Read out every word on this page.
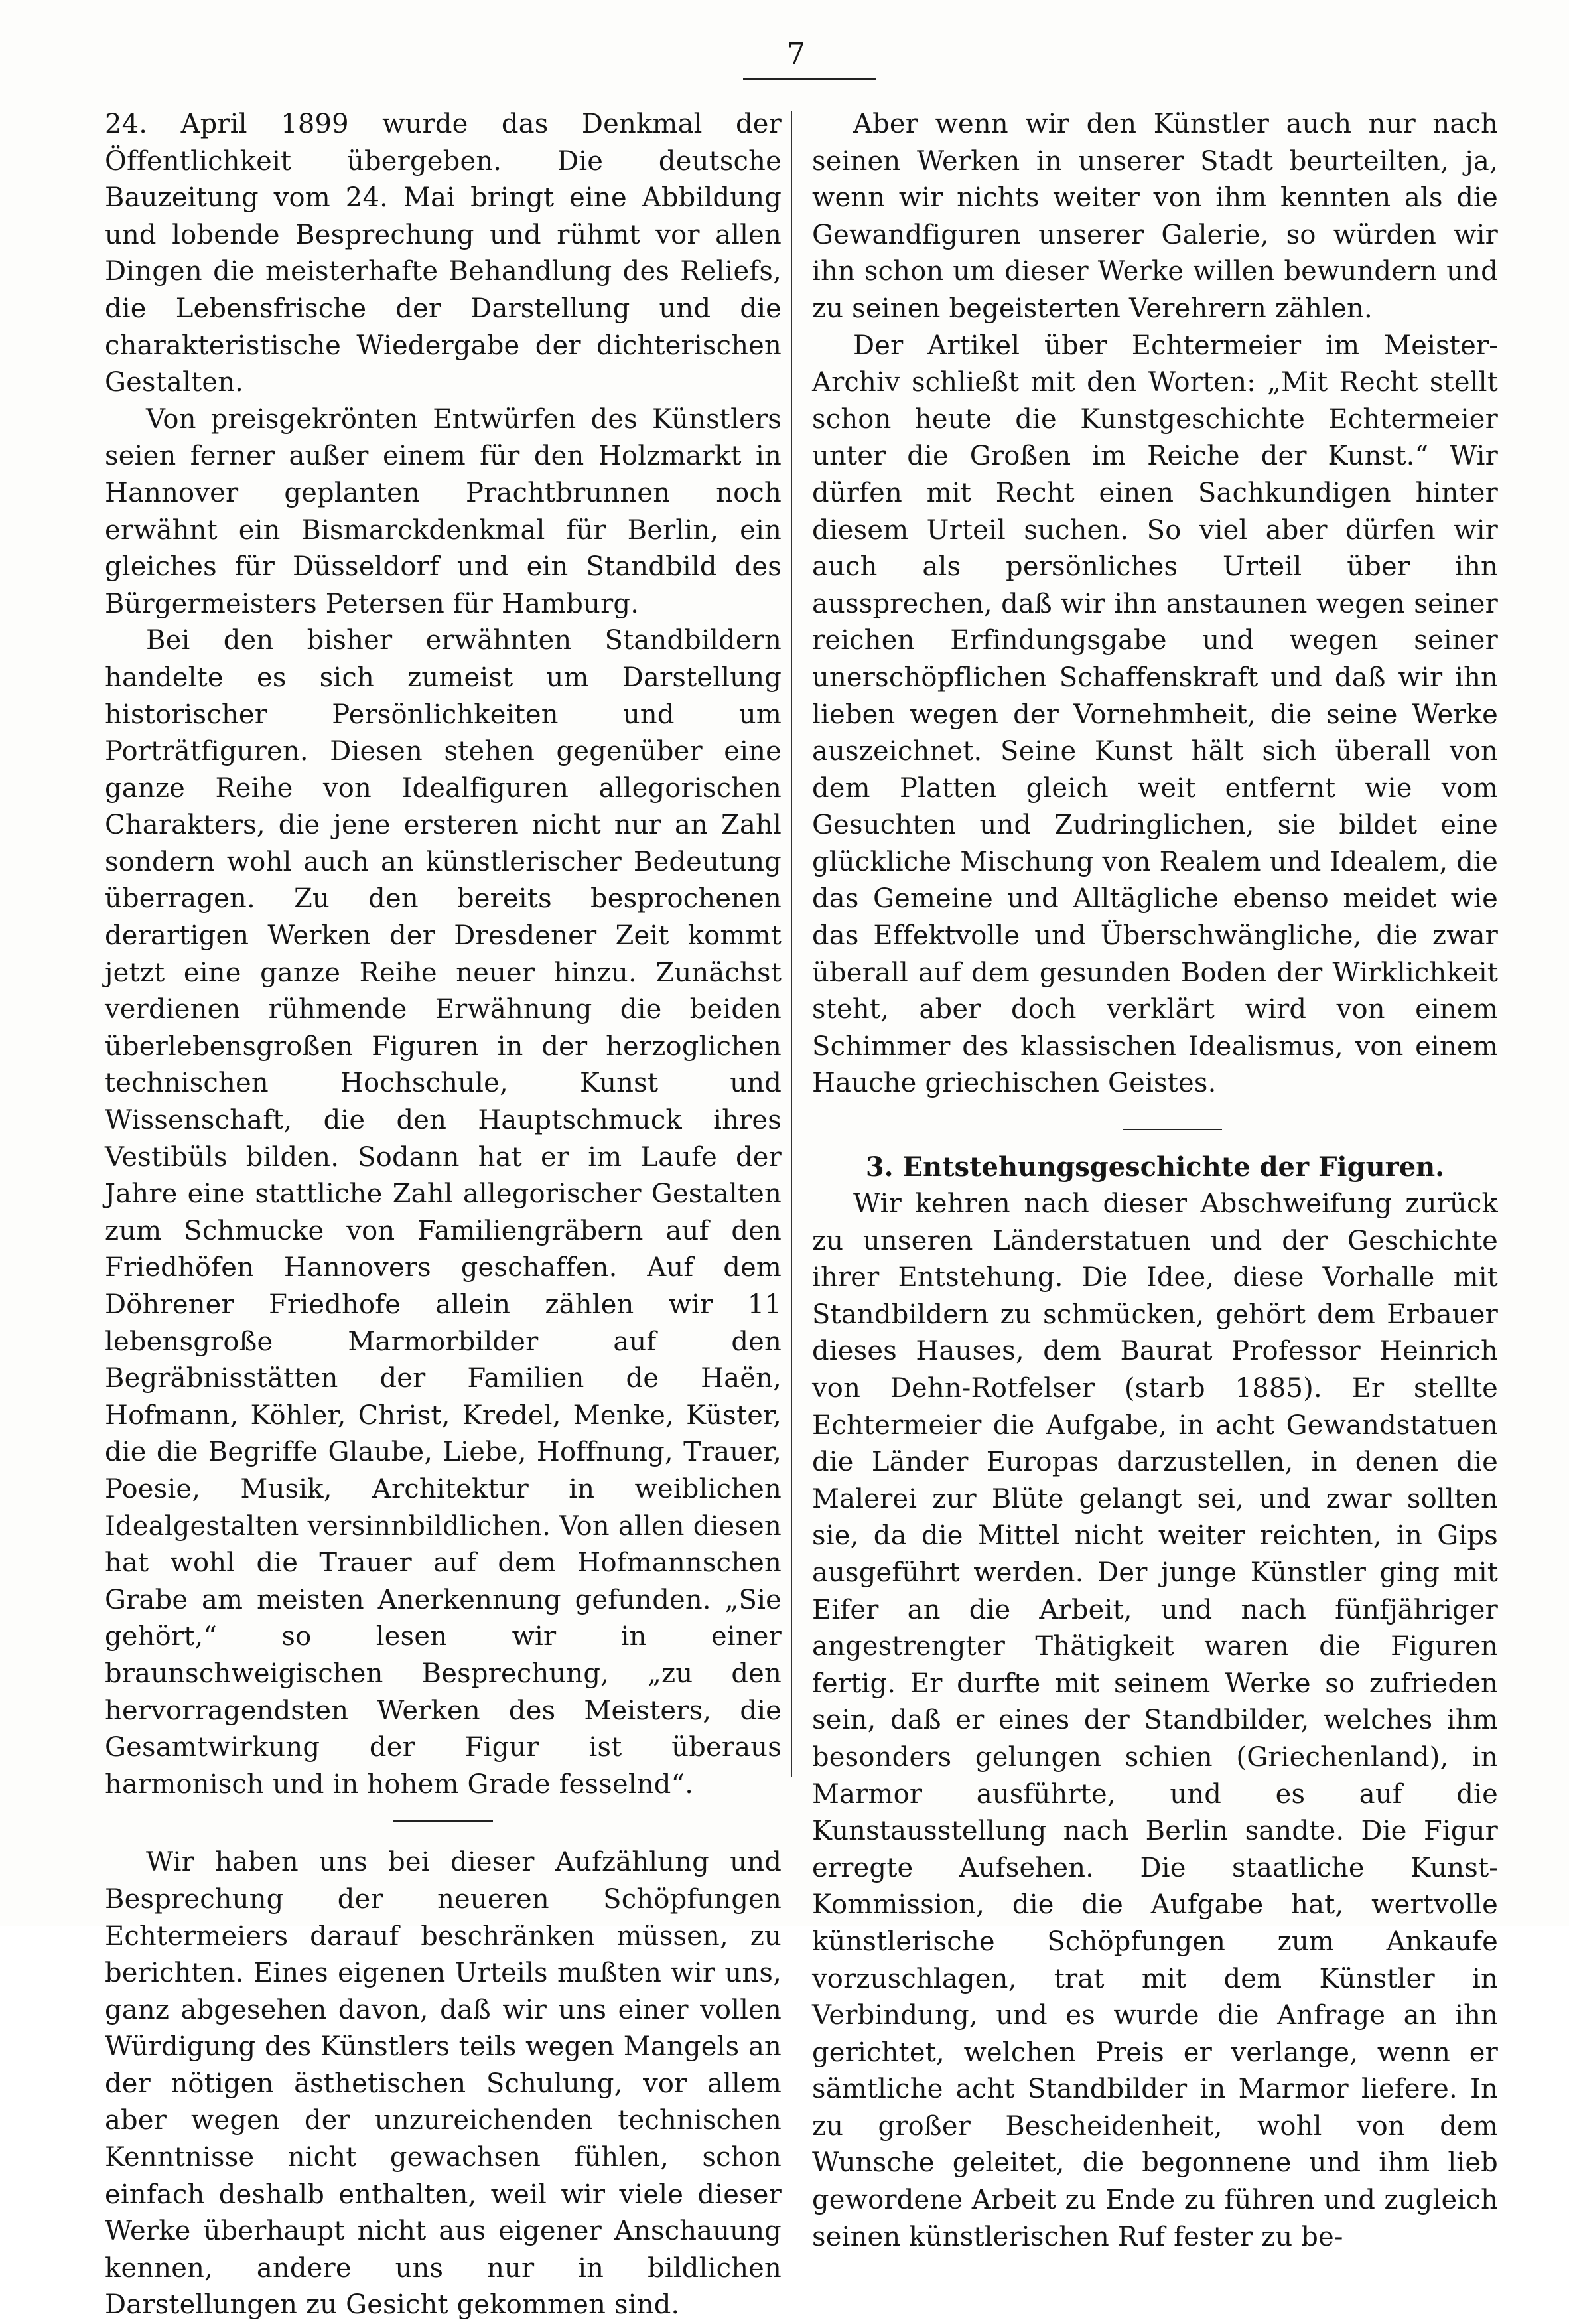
7

24. April 1899 wurde das Denkmal der Öffentlichkeit übergeben. Die deutsche Bauzeitung vom 24. Mai bringt eine Abbildung und lobende Besprechung und rühmt vor allen Dingen die meisterhafte Behandlung des Reliefs, die Lebensfrische der Darstellung und die charakteristische Wiedergabe der dichterischen Gestalten.

Von preisgekrönten Entwürfen des Künstlers seien ferner außer einem für den Holzmarkt in Hannover geplanten Prachtbrunnen noch erwähnt ein Bismarckdenkmal für Berlin, ein gleiches für Düsseldorf und ein Standbild des Bürgermeisters Petersen für Hamburg.

Bei den bisher erwähnten Standbildern handelte es sich zumeist um Darstellung historischer Persönlichkeiten und um Porträtfiguren. Diesen stehen gegenüber eine ganze Reihe von Idealfiguren allegorischen Charakters, die jene ersteren nicht nur an Zahl sondern wohl auch an künstlerischer Bedeutung überragen. Zu den bereits besprochenen derartigen Werken der Dresdener Zeit kommt jetzt eine ganze Reihe neuer hinzu. Zunächst verdienen rühmende Erwähnung die beiden überlebensgroßen Figuren in der herzoglichen technischen Hochschule, Kunst und Wissenschaft, die den Hauptschmuck ihres Vestibüls bilden. Sodann hat er im Laufe der Jahre eine stattliche Zahl allegorischer Gestalten zum Schmucke von Familiengräbern auf den Friedhöfen Hannovers geschaffen. Auf dem Döhrener Friedhofe allein zählen wir 11 lebensgroße Marmorbilder auf den Begräbnisstätten der Familien de Haën, Hofmann, Köhler, Christ, Kredel, Menke, Küster, die die Begriffe Glaube, Liebe, Hoffnung, Trauer, Poesie, Musik, Architektur in weiblichen Idealgestalten versinnbildlichen. Von allen diesen hat wohl die Trauer auf dem Hofmannschen Grabe am meisten Anerkennung gefunden. „Sie gehört,“ so lesen wir in einer braunschweigischen Besprechung, „zu den hervorragendsten Werken des Meisters, die Gesamtwirkung der Figur ist überaus harmonisch und in hohem Grade fesselnd“.

Wir haben uns bei dieser Aufzählung und Besprechung der neueren Schöpfungen Echtermeiers darauf beschränken müssen, zu berichten. Eines eigenen Urteils mußten wir uns, ganz abgesehen davon, daß wir uns einer vollen Würdigung des Künstlers teils wegen Mangels an der nötigen ästhetischen Schulung, vor allem aber wegen der unzureichenden technischen Kenntnisse nicht gewachsen fühlen, schon einfach deshalb enthalten, weil wir viele dieser Werke überhaupt nicht aus eigener Anschauung kennen, andere uns nur in bildlichen Darstellungen zu Gesicht gekommen sind.

Aber wenn wir den Künstler auch nur nach seinen Werken in unserer Stadt beurteilten, ja, wenn wir nichts weiter von ihm kennten als die Gewandfiguren unserer Galerie, so würden wir ihn schon um dieser Werke willen bewundern und zu seinen begeisterten Verehrern zählen.

Der Artikel über Echtermeier im Meister-Archiv schließt mit den Worten: „Mit Recht stellt schon heute die Kunstgeschichte Echtermeier unter die Großen im Reiche der Kunst.“ Wir dürfen mit Recht einen Sachkundigen hinter diesem Urteil suchen. So viel aber dürfen wir auch als persönliches Urteil über ihn aussprechen, daß wir ihn anstaunen wegen seiner reichen Erfindungsgabe und wegen seiner unerschöpflichen Schaffenskraft und daß wir ihn lieben wegen der Vornehmheit, die seine Werke auszeichnet. Seine Kunst hält sich überall von dem Platten gleich weit entfernt wie vom Gesuchten und Zudringlichen, sie bildet eine glückliche Mischung von Realem und Idealem, die das Gemeine und Alltägliche ebenso meidet wie das Effektvolle und Überschwängliche, die zwar überall auf dem gesunden Boden der Wirklichkeit steht, aber doch verklärt wird von einem Schimmer des klassischen Idealismus, von einem Hauche griechischen Geistes.

3. Entstehungsgeschichte der Figuren.

Wir kehren nach dieser Abschweifung zurück zu unseren Länderstatuen und der Geschichte ihrer Entstehung. Die Idee, diese Vorhalle mit Standbildern zu schmücken, gehört dem Erbauer dieses Hauses, dem Baurat Professor Heinrich von Dehn-Rotfelser (starb 1885). Er stellte Echtermeier die Aufgabe, in acht Gewandstatuen die Länder Europas darzustellen, in denen die Malerei zur Blüte gelangt sei, und zwar sollten sie, da die Mittel nicht weiter reichten, in Gips ausgeführt werden. Der junge Künstler ging mit Eifer an die Arbeit, und nach fünfjähriger angestrengter Thätigkeit waren die Figuren fertig. Er durfte mit seinem Werke so zufrieden sein, daß er eines der Standbilder, welches ihm besonders gelungen schien (Griechenland), in Marmor ausführte, und es auf die Kunstausstellung nach Berlin sandte. Die Figur erregte Aufsehen. Die staatliche Kunst-Kommission, die die Aufgabe hat, wertvolle künstlerische Schöpfungen zum Ankaufe vorzuschlagen, trat mit dem Künstler in Verbindung, und es wurde die Anfrage an ihn gerichtet, welchen Preis er verlange, wenn er sämtliche acht Standbilder in Marmor liefere. In zu großer Bescheidenheit, wohl von dem Wunsche geleitet, die begonnene und ihm lieb gewordene Arbeit zu Ende zu führen und zugleich seinen künstlerischen Ruf fester zu be-
